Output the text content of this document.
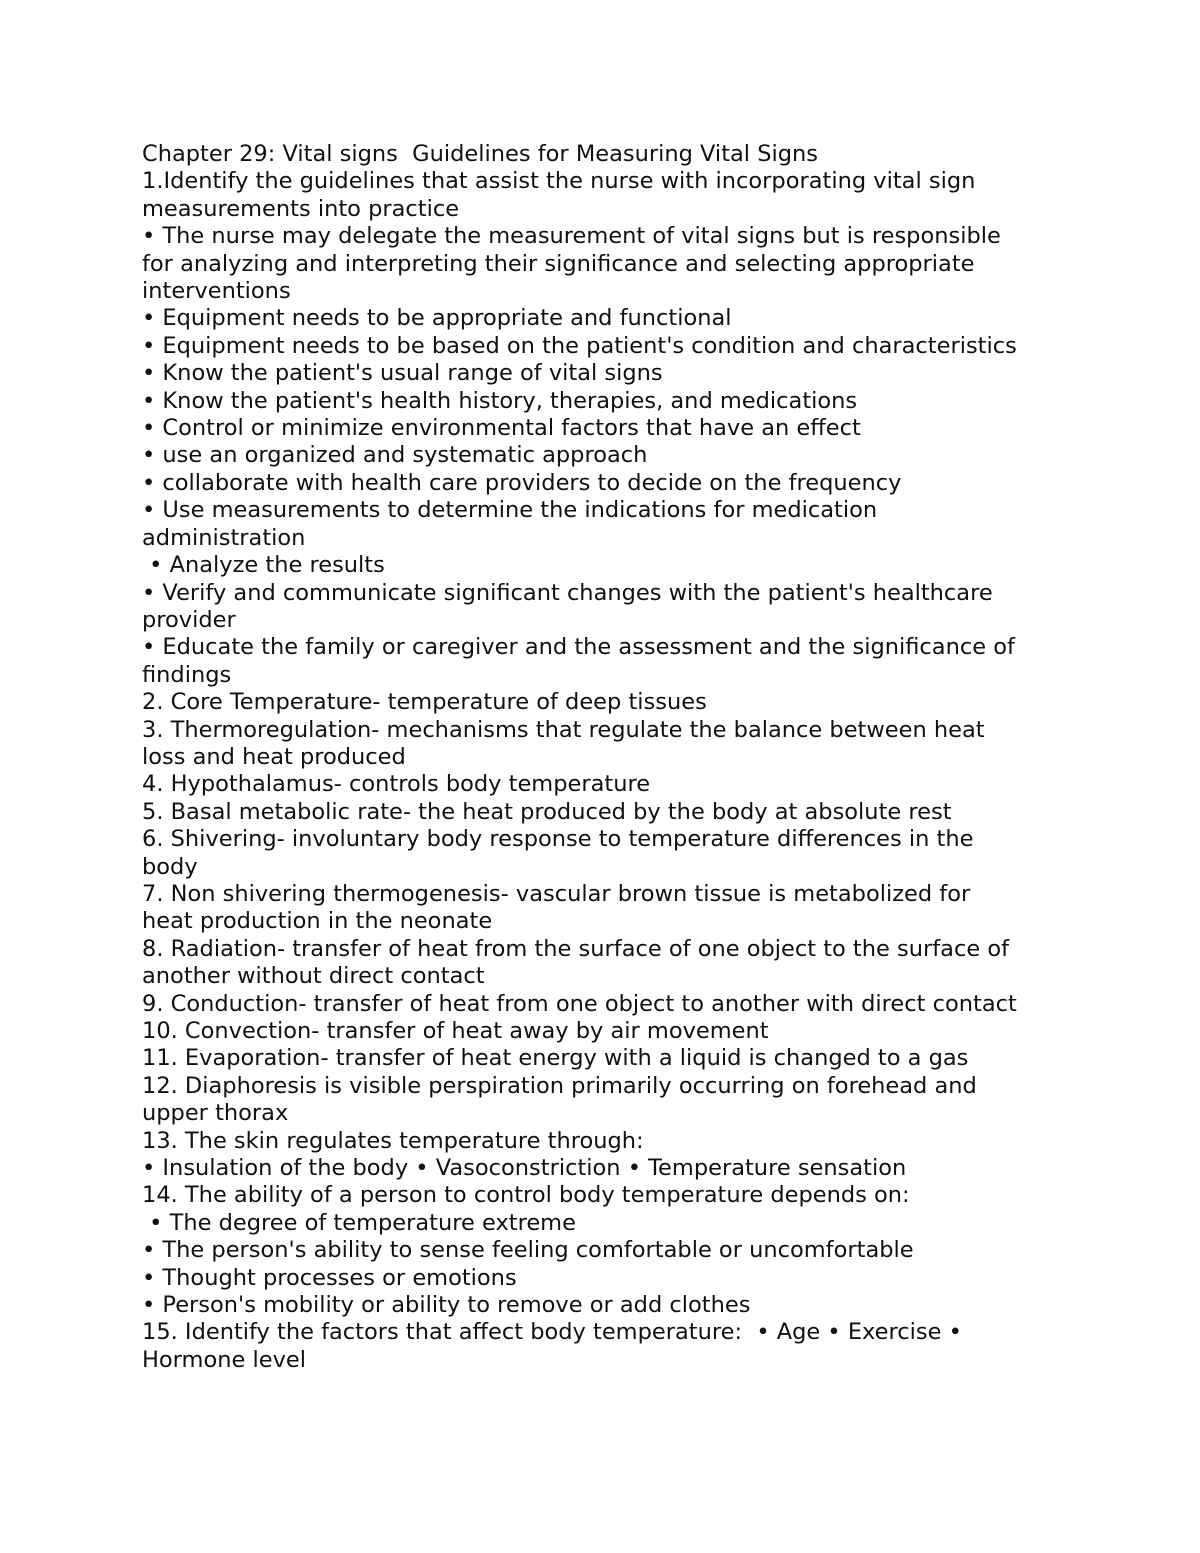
Chapter 29: Vital signs  Guidelines for Measuring Vital Signs

1.Identify the guidelines that assist the nurse with incorporating vital sign

measurements into practice

• The nurse may delegate the measurement of vital signs but is responsible

for analyzing and interpreting their significance and selecting appropriate

interventions

• Equipment needs to be appropriate and functional

• Equipment needs to be based on the patient's condition and characteristics

• Know the patient's usual range of vital signs

• Know the patient's health history, therapies, and medications

• Control or minimize environmental factors that have an effect

• use an organized and systematic approach

• collaborate with health care providers to decide on the frequency

• Use measurements to determine the indications for medication

administration

• Analyze the results

• Verify and communicate significant changes with the patient's healthcare

provider

• Educate the family or caregiver and the assessment and the significance of

findings

2. Core Temperature- temperature of deep tissues

3. Thermoregulation- mechanisms that regulate the balance between heat

loss and heat produced

4. Hypothalamus- controls body temperature

5. Basal metabolic rate- the heat produced by the body at absolute rest

6. Shivering- involuntary body response to temperature differences in the

body

7. Non shivering thermogenesis- vascular brown tissue is metabolized for

heat production in the neonate

8. Radiation- transfer of heat from the surface of one object to the surface of

another without direct contact

9. Conduction- transfer of heat from one object to another with direct contact

10. Convection- transfer of heat away by air movement

11. Evaporation- transfer of heat energy with a liquid is changed to a gas

12. Diaphoresis is visible perspiration primarily occurring on forehead and

upper thorax

13. The skin regulates temperature through:

• Insulation of the body • Vasoconstriction • Temperature sensation

14. The ability of a person to control body temperature depends on:

• The degree of temperature extreme

• The person's ability to sense feeling comfortable or uncomfortable

• Thought processes or emotions

• Person's mobility or ability to remove or add clothes

15. Identify the factors that affect body temperature:  • Age • Exercise •

Hormone level
